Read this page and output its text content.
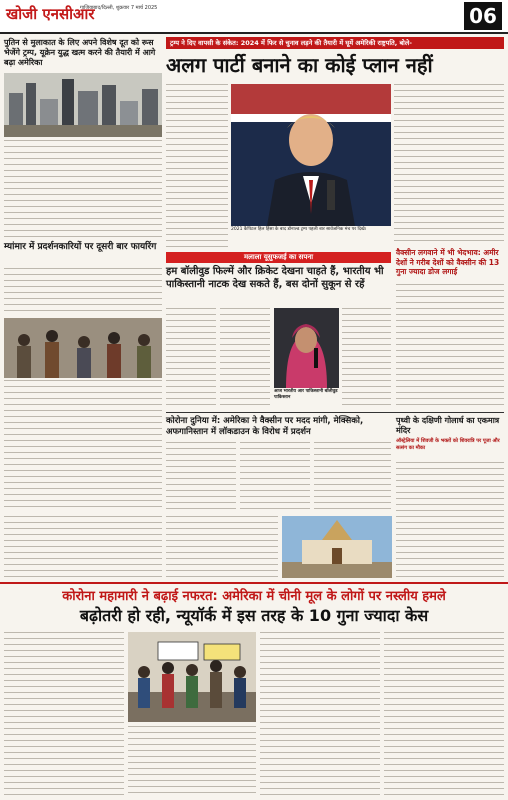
खोजी एनसीआर
गाजियाबाद/दिल्ली, शुक्रवार 7 मार्च 2025	06
पुतिन से मुलाकात के लिए अपने विशेष दूत को रूस भेजेंगे ट्रम्प, यूक्रेन युद्ध खत्म करने की तैयारी में आगे बढ़ा अमेरिका
म्यांमार में प्रदर्शनकारियों पर दूसरी बार फायरिंग
ट्रम्प ने दिए वापसी के संकेत: 2024 में फिर से चुनाव लड़ने की तैयारी में घूमें अमेरिकी राष्ट्रपति, बोले-
अलग पार्टी बनाने का कोई प्लान नहीं
2021 कैपिटल हिल हिंसा के बाद डोनाल्ड ट्रम्प पहली बार सार्वजनिक मंच पर दिखे।
मलाला यूसुफजई का सपना
हम बॉलीवुड फिल्में और क्रिकेट देखना चाहते हैं, भारतीय भी पाकिस्तानी नाटक देख सकते हैं, बस दोनों सुकून से रहें
आज भारतीय आर पाकिस्तानी बॉलीवुड पाकिस्तान
वैक्सीन लगवाने में भी भेदभाव: अमीर देशों ने गरीब देशों को वैक्सीन की 13 गुना ज्यादा डोज लगाई
कोरोना दुनिया में: अमेरिका ने वैक्सीन पर मदद मांगी, मेक्सिको, अफगानिस्तान में लॉकडाउन के विरोध में प्रदर्शन
पृथ्वी के दक्षिणी गोलार्ध का एकमात्र मंदिर
ऑस्ट्रेलिया में शिवजी के भक्तों को शिवरात्रि पर पूजा और सत्संग का मौका
कोरोना महामारी ने बढ़ाई नफरत: अमेरिका में चीनी मूल के लोगों पर नस्लीय हमले
बढ़ोतरी हो रही, न्यूयॉर्क में इस तरह के 10 गुना ज्यादा केस
